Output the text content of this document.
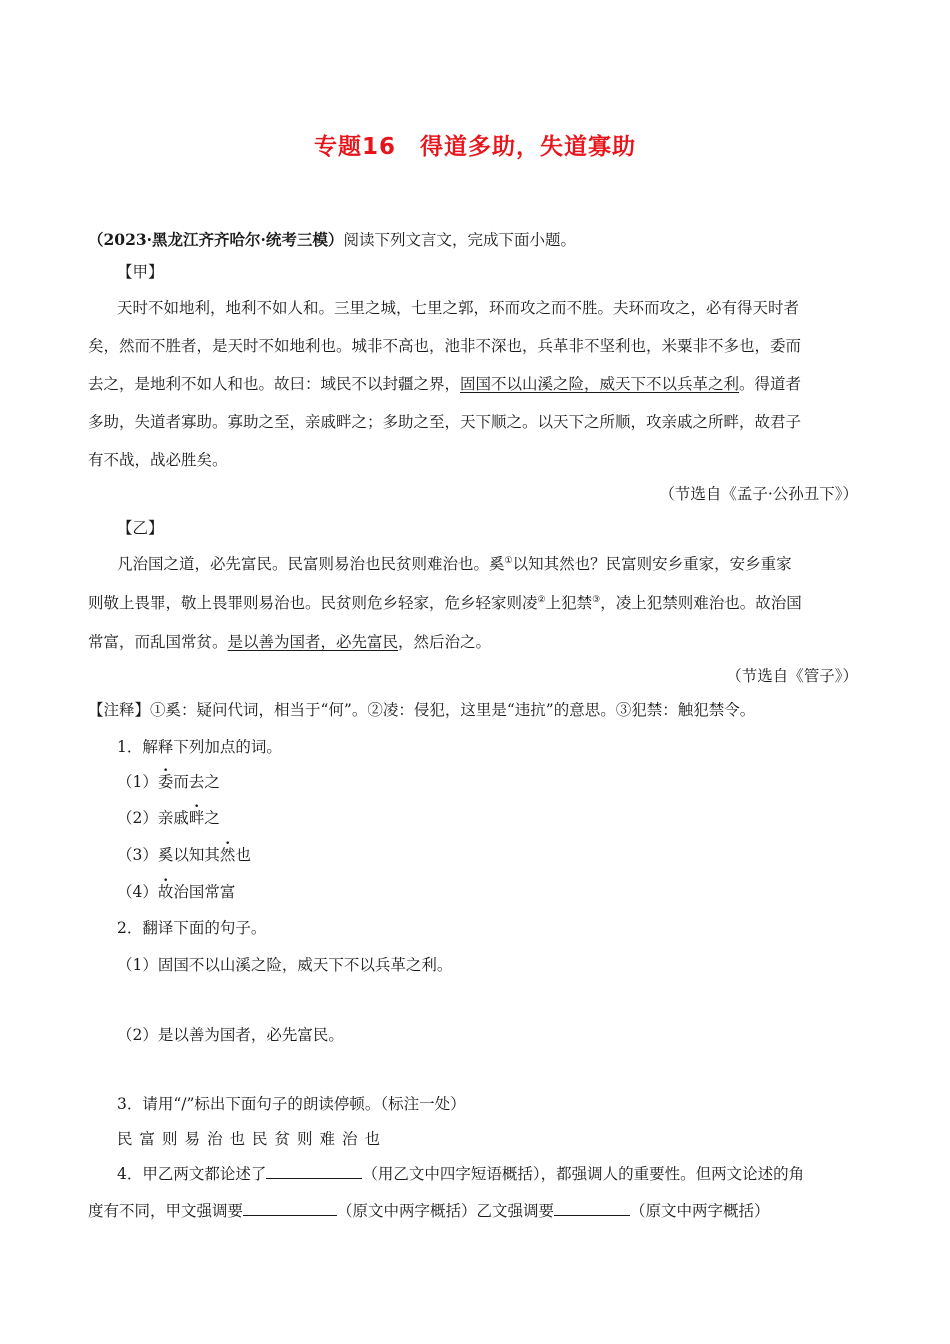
专题16　得道多助，失道寡助
（2023·黑龙江齐齐哈尔·统考三模）阅读下列文言文，完成下面小题。
【甲】
天时不如地利，地利不如人和。三里之城，七里之郭，环而攻之而不胜。夫环而攻之，必有得天时者
矣，然而不胜者，是天时不如地利也。城非不高也，池非不深也，兵革非不坚利也，米粟非不多也，委而
去之，是地利不如人和也。故曰：域民不以封疆之界，固国不以山溪之险，威天下不以兵革之利。得道者
多助，失道者寡助。寡助之至，亲戚畔之；多助之至，天下顺之。以天下之所顺，攻亲戚之所畔，故君子
有不战，战必胜矣。
（节选自《孟子·公孙丑下》）
【乙】
凡治国之道，必先富民。民富则易治也民贫则难治也。奚①以知其然也？民富则安乡重家，安乡重家
则敬上畏罪，敬上畏罪则易治也。民贫则危乡轻家，危乡轻家则凌②上犯禁③，凌上犯禁则难治也。故治国
常富，而乱国常贫。是以善为国者，必先富民，然后治之。
（节选自《管子》）
【注释】①奚：疑问代词，相当于“何”。②凌：侵犯，这里是“违抗”的意思。③犯禁：触犯禁令。
1．解释下列加点的词。
（1）委而去之
（2）亲戚畔之
（3）奚以知其然也
（4）故治国常富
2．翻译下面的句子。
（1）固国不以山溪之险，威天下不以兵革之利。
（2）是以善为国者，必先富民。
3．请用“/”标出下面句子的朗读停顿。（标注一处）
民富则易治也民贫则难治也
4．甲乙两文都论述了	（用乙文中四字短语概括），都强调人的重要性。但两文论述的角
度有不同，甲文强调要	（原文中两字概括）乙文强调要	（原文中两字概括）
